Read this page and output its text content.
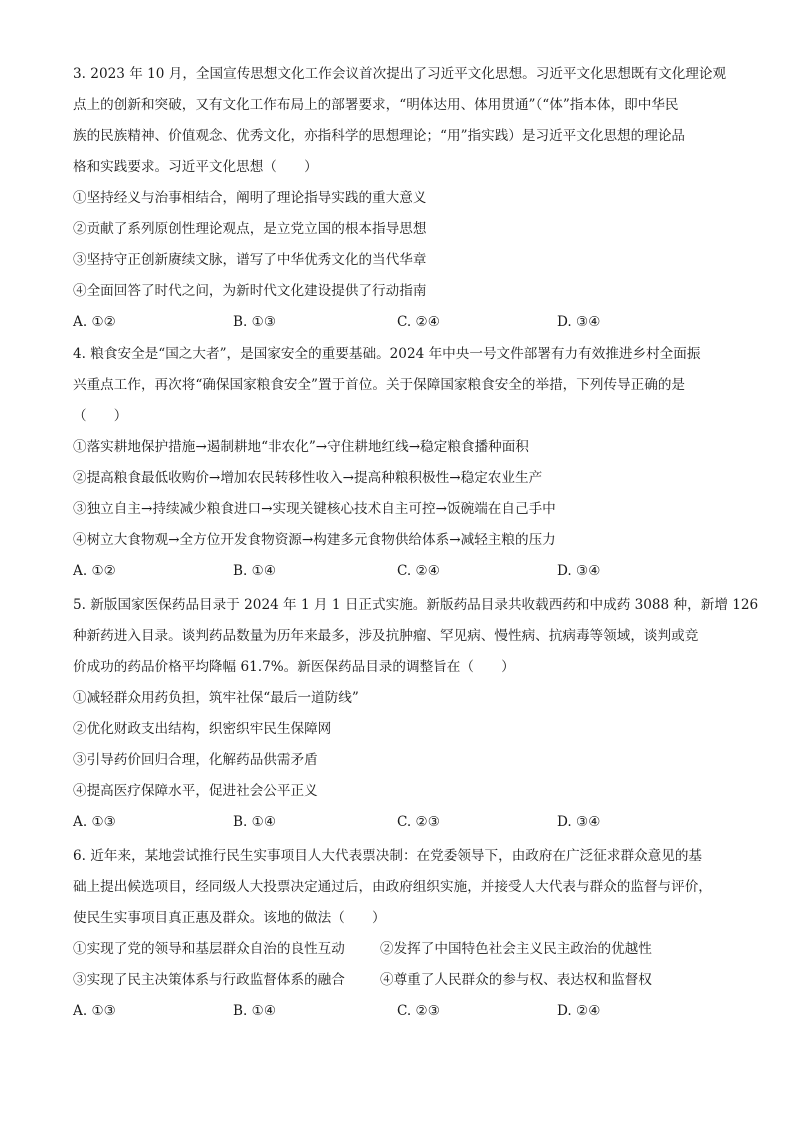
3. 2023 年 10 月，全国宣传思想文化工作会议首次提出了习近平文化思想。习近平文化思想既有文化理论观
点上的创新和突破，又有文化工作布局上的部署要求，“明体达用、体用贯通”（“体”指本体，即中华民
族的民族精神、价值观念、优秀文化，亦指科学的思想理论；“用”指实践）是习近平文化思想的理论品
格和实践要求。习近平文化思想（　　）
①坚持经义与治事相结合，阐明了理论指导实践的重大意义
②贡献了系列原创性理论观点，是立党立国的根本指导思想
③坚持守正创新赓续文脉，谱写了中华优秀文化的当代华章
④全面回答了时代之问，为新时代文化建设提供了行动指南
A. ①②	B. ①③	C. ②④	D. ③④
4. 粮食安全是“国之大者”，是国家安全的重要基础。2024 年中央一号文件部署有力有效推进乡村全面振
兴重点工作，再次将“确保国家粮食安全”置于首位。关于保障国家粮食安全的举措，下列传导正确的是
（　　）
①落实耕地保护措施→遏制耕地“非农化”→守住耕地红线→稳定粮食播种面积
②提高粮食最低收购价→增加农民转移性收入→提高种粮积极性→稳定农业生产
③独立自主→持续减少粮食进口→实现关键核心技术自主可控→饭碗端在自己手中
④树立大食物观→全方位开发食物资源→构建多元食物供给体系→减轻主粮的压力
A. ①②	B. ①④	C. ②④	D. ③④
5. 新版国家医保药品目录于 2024 年 1 月 1 日正式实施。新版药品目录共收载西药和中成药 3088 种，新增 126
种新药进入目录。谈判药品数量为历年来最多，涉及抗肿瘤、罕见病、慢性病、抗病毒等领域，谈判或竞
价成功的药品价格平均降幅 61.7%。新医保药品目录的调整旨在（　　）
①减轻群众用药负担，筑牢社保“最后一道防线”
②优化财政支出结构，织密织牢民生保障网
③引导药价回归合理，化解药品供需矛盾
④提高医疗保障水平，促进社会公平正义
A. ①③	B. ①④	C. ②③	D. ③④
6. 近年来，某地尝试推行民生实事项目人大代表票决制：在党委领导下，由政府在广泛征求群众意见的基
础上提出候选项目，经同级人大投票决定通过后，由政府组织实施，并接受人大代表与群众的监督与评价，
使民生实事项目真正惠及群众。该地的做法（　　）
①实现了党的领导和基层群众自治的良性互动	②发挥了中国特色社会主义民主政治的优越性
③实现了民主决策体系与行政监督体系的融合	④尊重了人民群众的参与权、表达权和监督权
A. ①③	B. ①④	C. ②③	D. ②④
